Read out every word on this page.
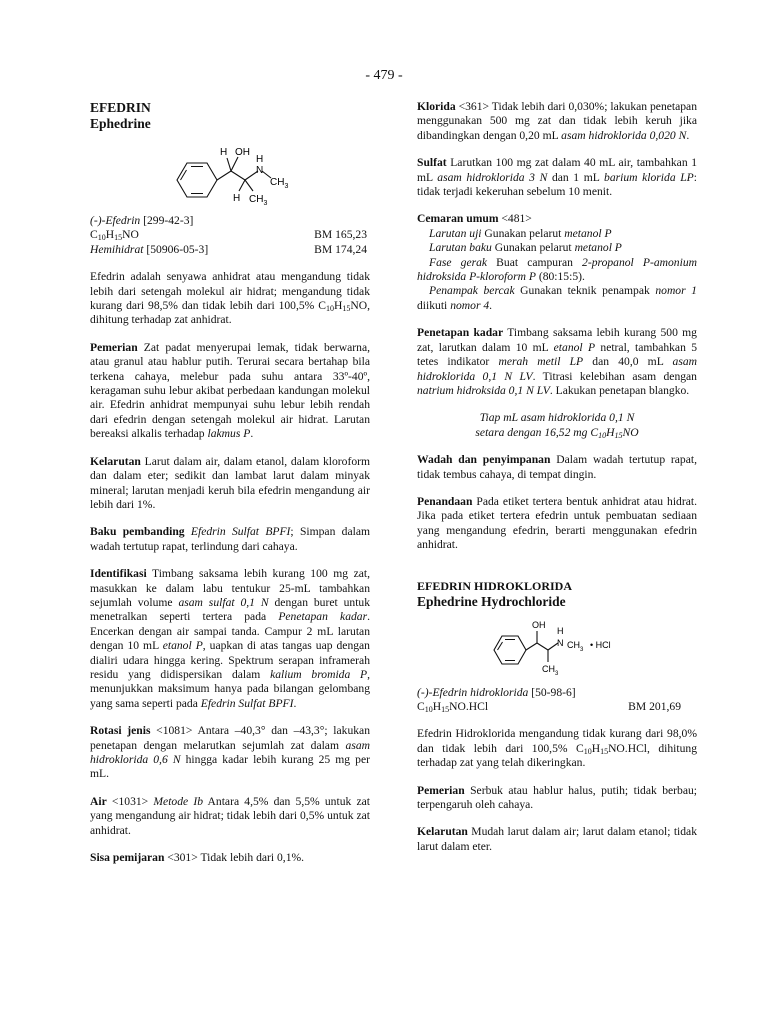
- 479 -
EFEDRIN
Ephedrine
H OH
H
N
$CH_3$
H $CH_3$

(-)-Efedrin [299-42-3]

$C_{10}H_{15}NO$	BM 165,23
Hemihidrat [50906-05-3]	BM 174,24

Efedrin adalah senyawa anhidrat atau mengandung tidak lebih dari setengah molekul air hidrat; mengandung tidak kurang dari 98,5% dan tidak lebih dari 100,5% $C_{10}H_{15}NO$, dihitung terhadap zat anhidrat.

Pemerian Zat padat menyerupai lemak, tidak berwarna, atau granul atau hablur putih. Terurai secara bertahap bila terkena cahaya, melebur pada suhu antara 33º-40º, keragaman suhu lebur akibat perbedaan kandungan molekul air. Efedrin anhidrat mempunyai suhu lebur lebih rendah dari efedrin dengan setengah molekul air hidrat. Larutan bereaksi alkalis terhadap lakmus P.

Kelarutan Larut dalam air, dalam etanol, dalam kloroform dan dalam eter; sedikit dan lambat larut dalam minyak mineral; larutan menjadi keruh bila efedrin mengandung air lebih dari 1%.

Baku pembanding Efedrin Sulfat BPFI; Simpan dalam wadah tertutup rapat, terlindung dari cahaya.

Identifikasi Timbang saksama lebih kurang 100 mg zat, masukkan ke dalam labu tentukur 25-mL tambahkan sejumlah volume asam sulfat 0,1 N dengan buret untuk menetralkan seperti tertera pada Penetapan kadar. Encerkan dengan air sampai tanda. Campur 2 mL larutan dengan 10 mL etanol P, uapkan di atas tangas uap dengan dialiri udara hingga kering. Spektrum serapan inframerah residu yang didispersikan dalam kalium bromida P, menunjukkan maksimum hanya pada bilangan gelombang yang sama seperti pada Efedrin Sulfat BPFI.

Rotasi jenis <1081> Antara –40,3° dan –43,3°; lakukan penetapan dengan melarutkan sejumlah zat dalam asam hidroklorida 0,6 N hingga kadar lebih kurang 25 mg per mL.

Air <1031> Metode Ib Antara 4,5% dan 5,5% untuk zat yang mengandung air hidrat; tidak lebih dari 0,5% untuk zat anhidrat.

Sisa pemijaran <301> Tidak lebih dari 0,1%.

Klorida <361> Tidak lebih dari 0,030%; lakukan penetapan menggunakan 500 mg zat dan tidak lebih keruh jika dibandingkan dengan 0,20 mL asam hidroklorida 0,020 N.

Sulfat Larutkan 100 mg zat dalam 40 mL air, tambahkan 1 mL asam hidroklorida 3 N dan 1 mL barium klorida LP: tidak terjadi kekeruhan sebelum 10 menit.

Cemaran umum <481>

Larutan uji Gunakan pelarut metanol P

Larutan baku Gunakan pelarut metanol P

Fase gerak Buat campuran 2-propanol P-amonium hidroksida P-kloroform P (80:15:5).

Penampak bercak Gunakan teknik penampak nomor 1 diikuti nomor 4.

Penetapan kadar Timbang saksama lebih kurang 500 mg zat, larutkan dalam 10 mL etanol P netral, tambahkan 5 tetes indikator merah metil LP dan 40,0 mL asam hidroklorida 0,1 N LV. Titrasi kelebihan asam dengan natrium hidroksida 0,1 N LV. Lakukan penetapan blangko.

Tiap mL asam hidroklorida 0,1 N

setara dengan 16,52 mg $C_{10}H_{15}NO$

Wadah dan penyimpanan Dalam wadah tertutup rapat, tidak tembus cahaya, di tempat dingin.

Penandaan Pada etiket tertera bentuk anhidrat atau hidrat. Jika pada etiket tertera efedrin untuk pembuatan sediaan yang mengandung efedrin, berarti menggunakan efedrin anhidrat.

EFEDRIN HIDROKLORIDA
Ephedrine Hydrochloride
OH
H
N $CH_3$ • HCl
$CH_3$

(-)-Efedrin hidroklorida [50-98-6]

$C_{10}H_{15}NO.HCl$	BM 201,69

Efedrin Hidroklorida mengandung tidak kurang dari 98,0% dan tidak lebih dari 100,5% $C_{10}H_{15}NO.HCl$, dihitung terhadap zat yang telah dikeringkan.

Pemerian Serbuk atau hablur halus, putih; tidak berbau; terpengaruh oleh cahaya.

Kelarutan Mudah larut dalam air; larut dalam etanol; tidak larut dalam eter.
